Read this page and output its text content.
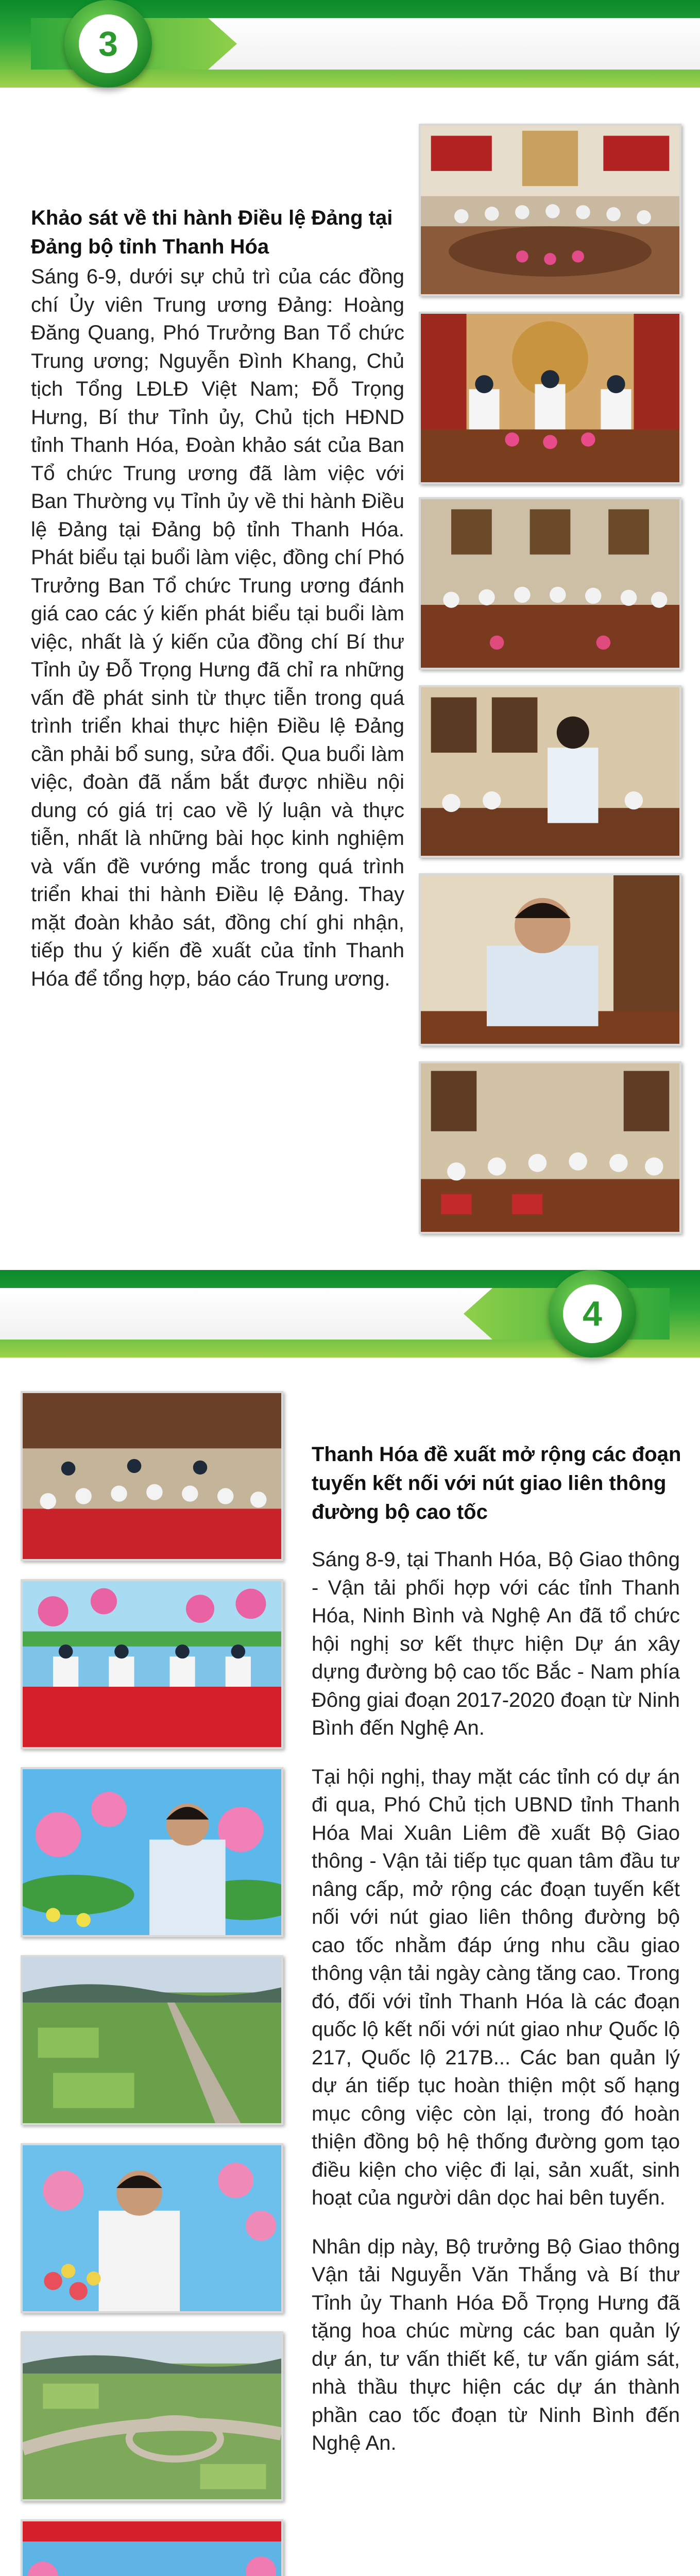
3
Khảo sát về thi hành Điều lệ Đảng tại Đảng bộ tỉnh Thanh Hóa

Sáng 6-9, dưới sự chủ trì của các đồng chí Ủy viên Trung ương Đảng: Hoàng Đăng Quang, Phó Trưởng Ban Tổ chức Trung ương; Nguyễn Đình Khang, Chủ tịch Tổng LĐLĐ Việt Nam; Đỗ Trọng Hưng, Bí thư Tỉnh ủy, Chủ tịch HĐND tỉnh Thanh Hóa, Đoàn khảo sát của Ban Tổ chức Trung ương đã làm việc với Ban Thường vụ Tỉnh ủy về thi hành Điều lệ Đảng tại Đảng bộ tỉnh Thanh Hóa. Phát biểu tại buổi làm việc, đồng chí Phó Trưởng Ban Tổ chức Trung ương đánh giá cao các ý kiến phát biểu tại buổi làm việc, nhất là ý kiến của đồng chí Bí thư Tỉnh ủy Đỗ Trọng Hưng đã chỉ ra những vấn đề phát sinh từ thực tiễn trong quá trình triển khai thực hiện Điều lệ Đảng cần phải bổ sung, sửa đổi. Qua buổi làm việc, đoàn đã nắm bắt được nhiều nội dung có giá trị cao về lý luận và thực tiễn, nhất là những bài học kinh nghiệm và vấn đề vướng mắc trong quá trình triển khai thi hành Điều lệ Đảng. Thay mặt đoàn khảo sát, đồng chí ghi nhận, tiếp thu ý kiến đề xuất của tỉnh Thanh Hóa để tổng hợp, báo cáo Trung ương.

4
Thanh Hóa đề xuất mở rộng các đoạn tuyến kết nối với nút giao liên thông đường bộ cao tốc

Sáng 8-9, tại Thanh Hóa, Bộ Giao thông - Vận tải phối hợp với các tỉnh Thanh Hóa, Ninh Bình và Nghệ An đã tổ chức hội nghị sơ kết thực hiện Dự án xây dựng đường bộ cao tốc Bắc - Nam phía Đông giai đoạn 2017-2020 đoạn từ Ninh Bình đến Nghệ An.

Tại hội nghị, thay mặt các tỉnh có dự án đi qua, Phó Chủ tịch UBND tỉnh Thanh Hóa Mai Xuân Liêm đề xuất Bộ Giao thông - Vận tải tiếp tục quan tâm đầu tư nâng cấp, mở rộng các đoạn tuyến kết nối với nút giao liên thông đường bộ cao tốc nhằm đáp ứng nhu cầu giao thông vận tải ngày càng tăng cao. Trong đó, đối với tỉnh Thanh Hóa là các đoạn quốc lộ kết nối với nút giao như Quốc lộ 217, Quốc lộ 217B... Các ban quản lý dự án tiếp tục hoàn thiện một số hạng mục công việc còn lại, trong đó hoàn thiện đồng bộ hệ thống đường gom tạo điều kiện cho việc đi lại, sản xuất, sinh hoạt của người dân dọc hai bên tuyến.

Nhân dịp này, Bộ trưởng Bộ Giao thông Vận tải Nguyễn Văn Thắng và Bí thư Tỉnh ủy Thanh Hóa Đỗ Trọng Hưng đã tặng hoa chúc mừng các ban quản lý dự án, tư vấn thiết kế, tư vấn giám sát, nhà thầu thực hiện các dự án thành phần cao tốc đoạn từ Ninh Bình đến Nghệ An.
